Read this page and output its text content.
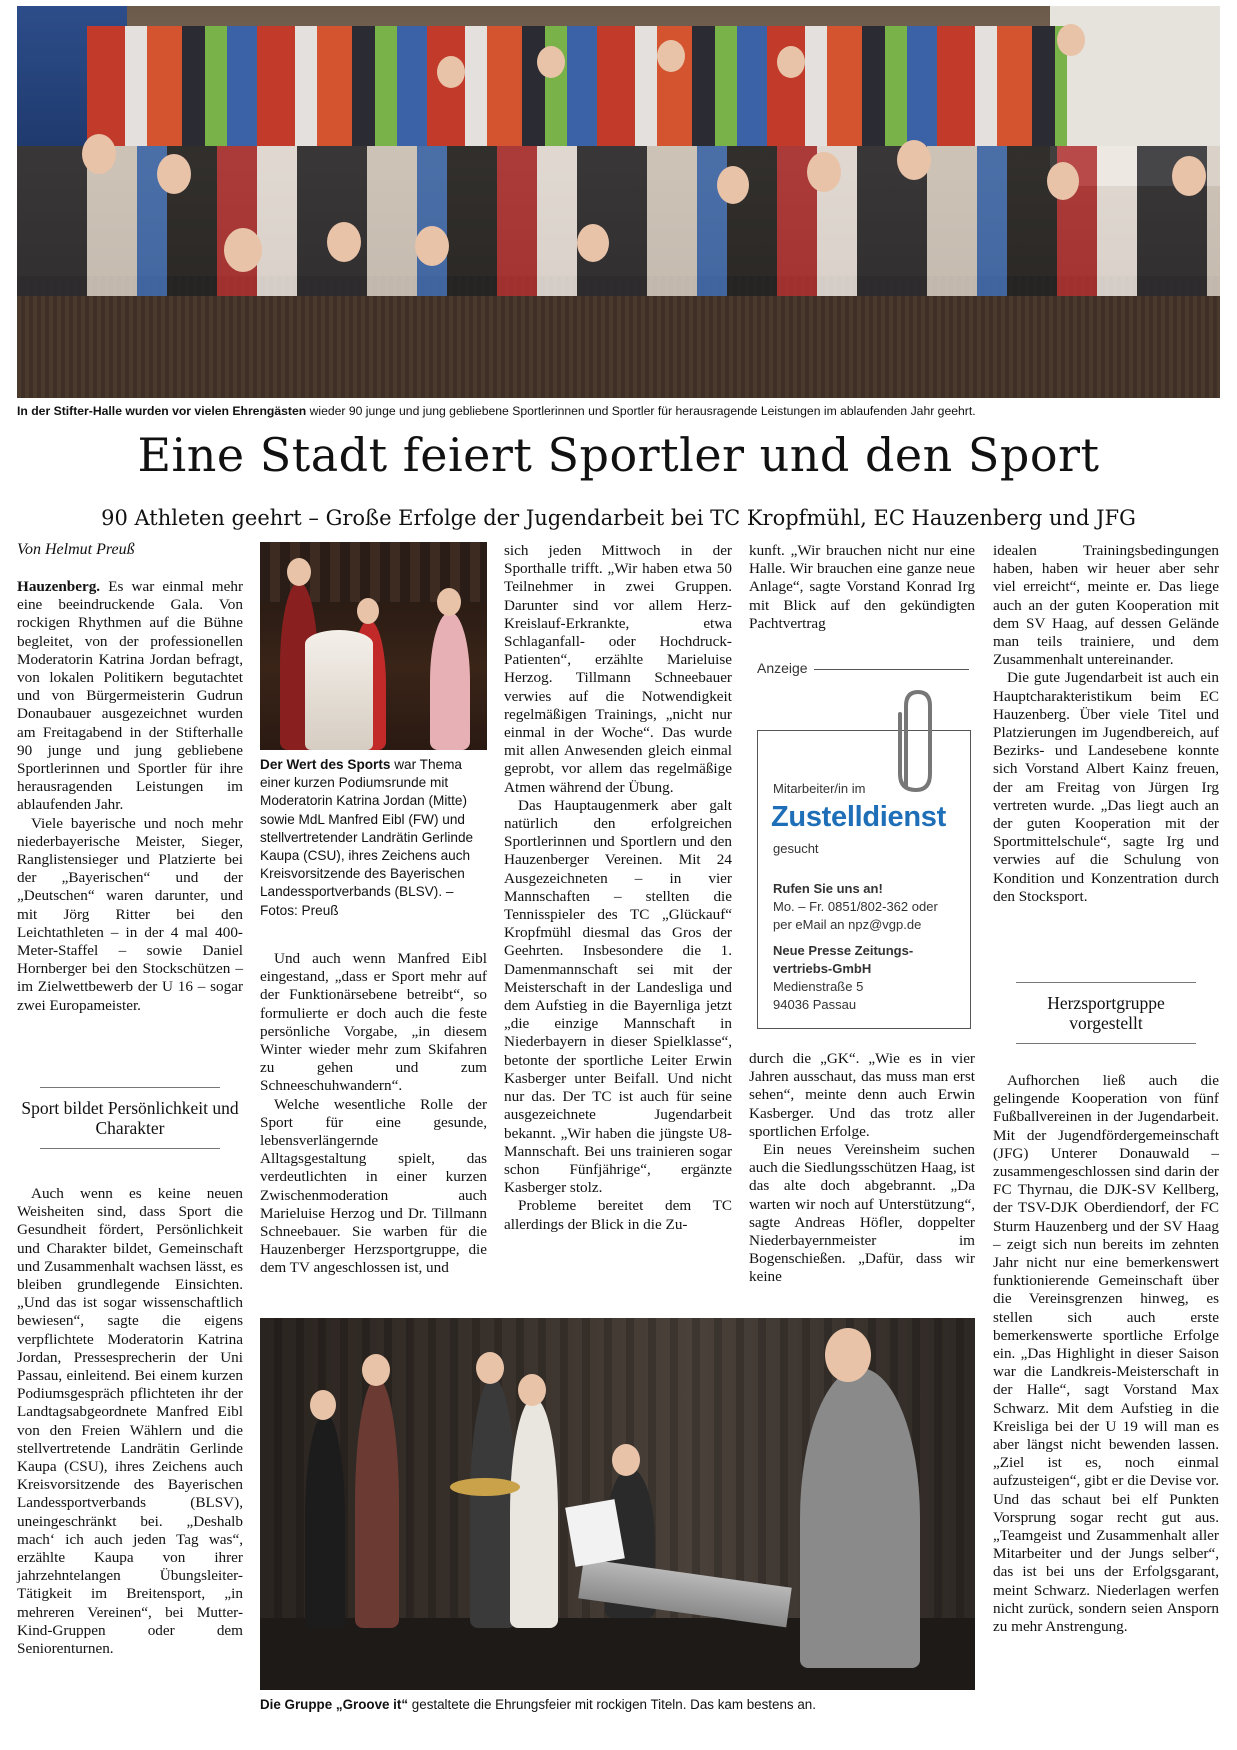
In der Stifter-Halle wurden vor vielen Ehrengästen wieder 90 junge und jung gebliebene Sportlerinnen und Sportler für herausragende Leistungen im ablaufenden Jahr geehrt.
Eine Stadt feiert Sportler und den Sport
90 Athleten geehrt – Große Erfolge der Jugendarbeit bei TC Kropfmühl, EC Hauzenberg und JFG
Von Helmut Preuß

Hauzenberg. Es war einmal mehr eine beeindruckende Gala. Von rockigen Rhythmen auf die Bühne begleitet, von der professionellen Moderatorin Katrina Jordan befragt, von lokalen Politikern begutachtet und von Bürgermeisterin Gudrun Donaubauer ausgezeichnet wurden am Freitagabend in der Stifterhalle 90 junge und jung gebliebene Sportlerinnen und Sportler für ihre herausragenden Leistungen im ablaufenden Jahr.

Viele bayerische und noch mehr niederbayerische Meister, Sieger, Ranglistensieger und Platzierte bei der „Bayerischen“ und der „Deutschen“ waren darunter, und mit Jörg Ritter bei den Leichtathleten – in der 4 mal 400-Meter-Staffel – sowie Daniel Hornberger bei den Stockschützen – im Zielwettbewerb der U 16 – sogar zwei Europameister.

Sport bildet Persönlichkeit und Charakter

Auch wenn es keine neuen Weisheiten sind, dass Sport die Gesundheit fördert, Persönlichkeit und Charakter bildet, Gemeinschaft und Zusammenhalt wachsen lässt, es bleiben grundlegende Einsichten. „Und das ist sogar wissenschaftlich bewiesen“, sagte die eigens verpflichtete Moderatorin Katrina Jordan, Pressesprecherin der Uni Passau, einleitend. Bei einem kurzen Podiumsgespräch pflichteten ihr der Landtagsabgeordnete Manfred Eibl von den Freien Wählern und die stellvertretende Landrätin Gerlinde Kaupa (CSU), ihres Zeichens auch Kreisvorsitzende des Bayerischen Landessportverbands (BLSV), uneingeschränkt bei. „Deshalb mach‘ ich auch jeden Tag was“, erzählte Kaupa von ihrer jahrzehntelangen Übungsleiter-Tätigkeit im Breitensport, „in mehreren Vereinen“, bei Mutter-Kind-Gruppen oder dem Seniorenturnen.

Der Wert des Sports war Thema einer kurzen Podiumsrunde mit Moderatorin Katrina Jordan (Mitte) sowie MdL Manfred Eibl (FW) und stellvertretender Landrätin Gerlinde Kaupa (CSU), ihres Zeichens auch Kreisvorsitzende des Bayerischen Landessportverbands (BLSV). – Fotos: Preuß

Und auch wenn Manfred Eibl eingestand, „dass er Sport mehr auf der Funktionärsebene betreibt“, so formulierte er doch auch die feste persönliche Vorgabe, „in diesem Winter wieder mehr zum Skifahren zu gehen und zum Schneeschuhwandern“.

Welche wesentliche Rolle der Sport für eine gesunde, lebensverlängernde Alltagsgestaltung spielt, das verdeutlichten in einer kurzen Zwischenmoderation auch Marieluise Herzog und Dr. Tillmann Schneebauer. Sie warben für die Hauzenberger Herzsportgruppe, die dem TV angeschlossen ist, und

sich jeden Mittwoch in der Sporthalle trifft. „Wir haben etwa 50 Teilnehmer in zwei Gruppen. Darunter sind vor allem Herz-Kreislauf-Erkrankte, etwa Schlaganfall- oder Hochdruck-Patienten“, erzählte Marieluise Herzog. Tillmann Schneebauer verwies auf die Notwendigkeit regelmäßigen Trainings, „nicht nur einmal in der Woche“. Das wurde mit allen Anwesenden gleich einmal geprobt, vor allem das regelmäßige Atmen während der Übung.

Das Hauptaugenmerk aber galt natürlich den erfolgreichen Sportlerinnen und Sportlern und den Hauzenberger Vereinen. Mit 24 Ausgezeichneten – in vier Mannschaften – stellten die Tennisspieler des TC „Glückauf“ Kropfmühl diesmal das Gros der Geehrten. Insbesondere die 1. Damenmannschaft sei mit der Meisterschaft in der Landesliga und dem Aufstieg in die Bayernliga jetzt „die einzige Mannschaft in Niederbayern in dieser Spielklasse“, betonte der sportliche Leiter Erwin Kasberger unter Beifall. Und nicht nur das. Der TC ist auch für seine ausgezeichnete Jugendarbeit bekannt. „Wir haben die jüngste U8-Mannschaft. Bei uns trainieren sogar schon Fünfjährige“, ergänzte Kasberger stolz.

Probleme bereitet dem TC allerdings der Blick in die Zu-

kunft. „Wir brauchen nicht nur eine Halle. Wir brauchen eine ganze neue Anlage“, sagte Vorstand Konrad Irg mit Blick auf den gekündigten Pachtvertrag

Anzeige
Mitarbeiter/in im
Zustelldienst
gesucht
Rufen Sie uns an!
Mo. – Fr. 0851/802-362 oder
per eMail an npz@vgp.de
Neue Presse Zeitungs-
vertriebs-GmbH
Medienstraße 5
94036 Passau

durch die „GK“. „Wie es in vier Jahren ausschaut, das muss man erst sehen“, meinte denn auch Erwin Kasberger. Und das trotz aller sportlichen Erfolge.

Ein neues Vereinsheim suchen auch die Siedlungsschützen Haag, ist das alte doch abgebrannt. „Da warten wir noch auf Unterstützung“, sagte Andreas Höfler, doppelter Niederbayernmeister im Bogenschießen. „Dafür, dass wir keine

idealen Trainingsbedingungen haben, haben wir heuer aber sehr viel erreicht“, meinte er. Das liege auch an der guten Kooperation mit dem SV Haag, auf dessen Gelände man teils trainiere, und dem Zusammenhalt untereinander.

Die gute Jugendarbeit ist auch ein Hauptcharakteristikum beim EC Hauzenberg. Über viele Titel und Platzierungen im Jugendbereich, auf Bezirks- und Landesebene konnte sich Vorstand Albert Kainz freuen, der am Freitag von Jürgen Irg vertreten wurde. „Das liegt auch an der guten Kooperation mit der Sportmittelschule“, sagte Irg und verwies auf die Schulung von Kondition und Konzentration durch den Stocksport.

Herzsportgruppe vorgestellt

Aufhorchen ließ auch die gelingende Kooperation von fünf Fußballvereinen in der Jugendarbeit. Mit der Jugendfördergemeinschaft (JFG) Unterer Donauwald – zusammengeschlossen sind darin der FC Thyrnau, die DJK-SV Kellberg, der TSV-DJK Oberdiendorf, der FC Sturm Hauzenberg und der SV Haag – zeigt sich nun bereits im zehnten Jahr nicht nur eine bemerkenswert funktionierende Gemeinschaft über die Vereinsgrenzen hinweg, es stellen sich auch erste bemerkenswerte sportliche Erfolge ein. „Das Highlight in dieser Saison war die Landkreis-Meisterschaft in der Halle“, sagt Vorstand Max Schwarz. Mit dem Aufstieg in die Kreisliga bei der U 19 will man es aber längst nicht bewenden lassen. „Ziel ist es, noch einmal aufzusteigen“, gibt er die Devise vor. Und das schaut bei elf Punkten Vorsprung sogar recht gut aus. „Teamgeist und Zusammenhalt aller Mitarbeiter und der Jungs selber“, das ist bei uns der Erfolgsgarant, meint Schwarz. Niederlagen werfen nicht zurück, sondern seien Ansporn zu mehr Anstrengung.

Die Gruppe „Groove it“ gestaltete die Ehrungsfeier mit rockigen Titeln. Das kam bestens an.
